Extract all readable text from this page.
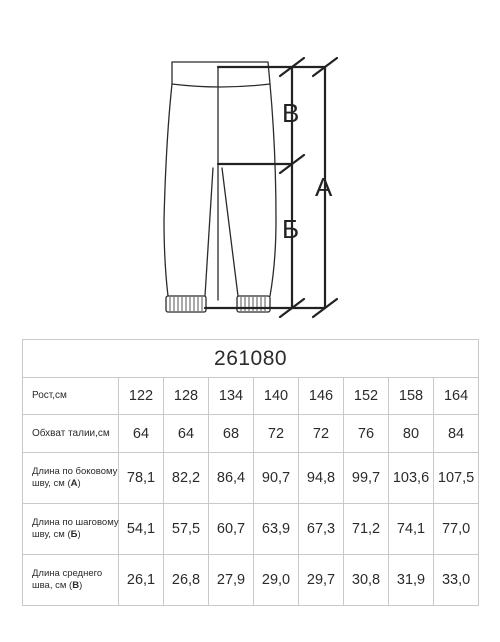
В
Б
А
261080								
Рост,см	122	128	134	140	146	152	158	164
Обхват талии,см	64	64	68	72	72	76	80	84
Длина по боковому шву, см (А)	78,1	82,2	86,4	90,7	94,8	99,7	103,6	107,5
Длина по шаговому шву, см (Б)	54,1	57,5	60,7	63,9	67,3	71,2	74,1	77,0
Длина среднего шва, см (В)	26,1	26,8	27,9	29,0	29,7	30,8	31,9	33,0
